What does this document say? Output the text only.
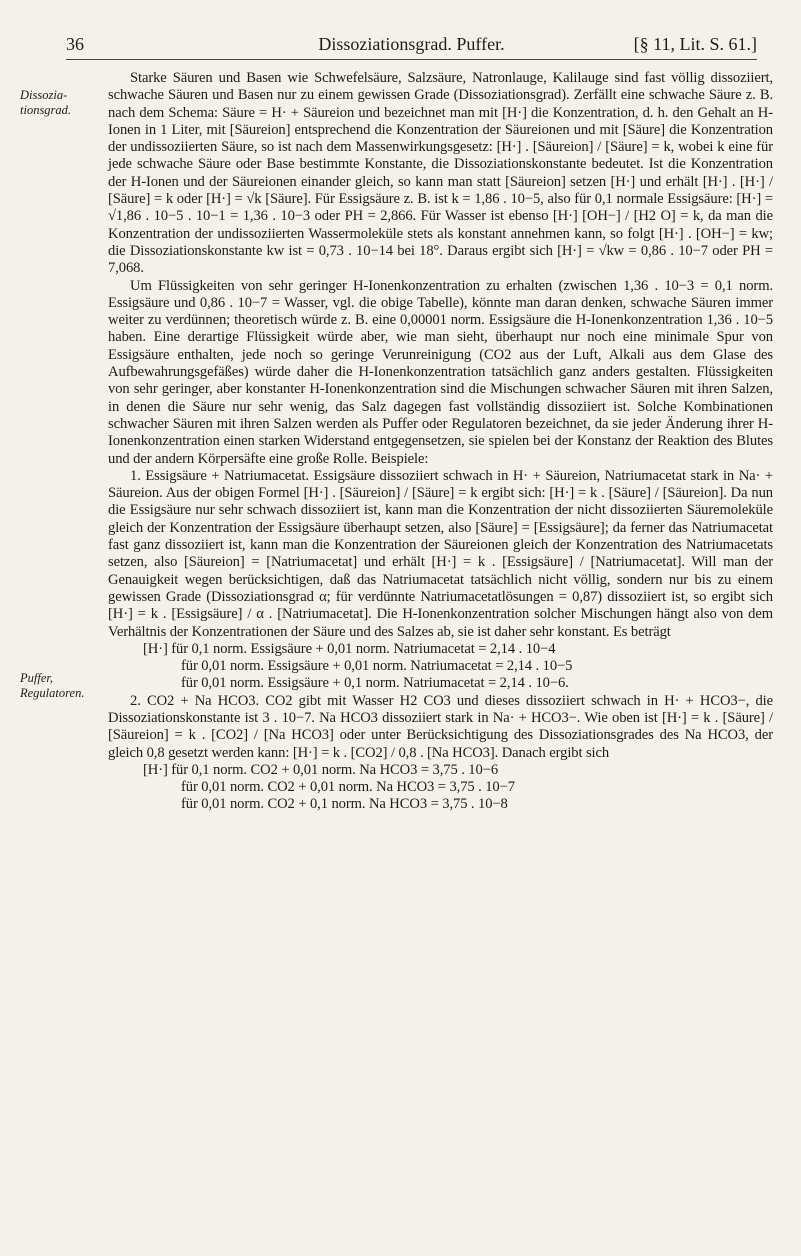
36	Dissoziationsgrad. Puffer.	[§ 11, Lit. S. 61.]
Dissozia-tionsgrad.
Puffer, Regulatoren.

Starke Säuren und Basen wie Schwefelsäure, Salzsäure, Natronlauge, Kalilauge sind fast völlig dissoziiert, schwache Säuren und Basen nur zu einem gewissen Grade (Dissoziationsgrad). Zerfällt eine schwache Säure z. B. nach dem Schema: Säure = H· + Säureion und bezeichnet man mit [H·] die Konzentration, d. h. den Gehalt an H-Ionen in 1 Liter, mit [Säureion] entsprechend die Konzentration der Säureionen und mit [Säure] die Konzentration der undissoziierten Säure, so ist nach dem Massenwirkungsgesetz: [H·] . [Säureion] / [Säure] = k, wobei k eine für jede schwache Säure oder Base bestimmte Konstante, die Dissoziationskonstante bedeutet. Ist die Konzentration der H-Ionen und der Säureionen einander gleich, so kann man statt [Säureion] setzen [H·] und erhält [H·] . [H·] / [Säure] = k oder [H·] = √k [Säure]. Für Essigsäure z. B. ist k = 1,86 . 10−5, also für 0,1 normale Essigsäure: [H·] = √1,86 . 10−5 . 10−1 = 1,36 . 10−3 oder PH = 2,866. Für Wasser ist ebenso [H·] [OH−] / [H2 O] = k, da man die Konzentration der undissoziierten Wassermoleküle stets als konstant annehmen kann, so folgt [H·] . [OH−] = kw; die Dissoziationskonstante kw ist = 0,73 . 10−14 bei 18°. Daraus ergibt sich [H·] = √kw = 0,86 . 10−7 oder PH = 7,068.

Um Flüssigkeiten von sehr geringer H-Ionenkonzentration zu erhalten (zwischen 1,36 . 10−3 = 0,1 norm. Essigsäure und 0,86 . 10−7 = Wasser, vgl. die obige Tabelle), könnte man daran denken, schwache Säuren immer weiter zu verdünnen; theoretisch würde z. B. eine 0,00001 norm. Essigsäure die H-Ionenkonzentration 1,36 . 10−5 haben. Eine derartige Flüssigkeit würde aber, wie man sieht, überhaupt nur noch eine minimale Spur von Essigsäure enthalten, jede noch so geringe Verunreinigung (CO2 aus der Luft, Alkali aus dem Glase des Aufbewahrungsgefäßes) würde daher die H-Ionenkonzentration tatsächlich ganz anders gestalten. Flüssigkeiten von sehr geringer, aber konstanter H-Ionenkonzentration sind die Mischungen schwacher Säuren mit ihren Salzen, in denen die Säure nur sehr wenig, das Salz dagegen fast vollständig dissoziiert ist. Solche Kombinationen schwacher Säuren mit ihren Salzen werden als Puffer oder Regulatoren bezeichnet, da sie jeder Änderung ihrer H-Ionenkonzentration einen starken Widerstand entgegensetzen, sie spielen bei der Konstanz der Reaktion des Blutes und der andern Körpersäfte eine große Rolle. Beispiele:

1. Essigsäure + Natriumacetat. Essigsäure dissoziiert schwach in H· + Säureion, Natriumacetat stark in Na· + Säureion. Aus der obigen Formel [H·] . [Säureion] / [Säure] = k ergibt sich: [H·] = k . [Säure] / [Säureion]. Da nun die Essigsäure nur sehr schwach dissoziiert ist, kann man die Konzentration der nicht dissoziierten Säuremoleküle gleich der Konzentration der Essigsäure überhaupt setzen, also [Säure] = [Essigsäure]; da ferner das Natriumacetat fast ganz dissoziiert ist, kann man die Konzentration der Säureionen gleich der Konzentration des Natriumacetats setzen, also [Säureion] = [Natriumacetat] und erhält [H·] = k . [Essigsäure] / [Natriumacetat]. Will man der Genauigkeit wegen berücksichtigen, daß das Natriumacetat tatsächlich nicht völlig, sondern nur bis zu einem gewissen Grade (Dissoziationsgrad α; für verdünnte Natriumacetatlösungen = 0,87) dissoziiert ist, so ergibt sich [H·] = k . [Essigsäure] / α . [Natriumacetat]. Die H-Ionenkonzentration solcher Mischungen hängt also von dem Verhältnis der Konzentrationen der Säure und des Salzes ab, sie ist daher sehr konstant. Es beträgt

[H·] für 0,1 norm. Essigsäure + 0,01 norm. Natriumacetat = 2,14 . 10−4
für 0,01 norm. Essigsäure + 0,01 norm. Natriumacetat = 2,14 . 10−5
für 0,01 norm. Essigsäure + 0,1 norm. Natriumacetat = 2,14 . 10−6.

2. CO2 + Na HCO3. CO2 gibt mit Wasser H2 CO3 und dieses dissoziiert schwach in H· + HCO3−, die Dissoziationskonstante ist 3 . 10−7. Na HCO3 dissoziiert stark in Na· + HCO3−. Wie oben ist [H·] = k . [Säure] / [Säureion] = k . [CO2] / [Na HCO3] oder unter Berücksichtigung des Dissoziationsgrades des Na HCO3, der gleich 0,8 gesetzt werden kann: [H·] = k . [CO2] / 0,8 . [Na HCO3]. Danach ergibt sich

[H·] für 0,1 norm. CO2 + 0,01 norm. Na HCO3 = 3,75 . 10−6
für 0,01 norm. CO2 + 0,01 norm. Na HCO3 = 3,75 . 10−7
für 0,01 norm. CO2 + 0,1 norm. Na HCO3 = 3,75 . 10−8
